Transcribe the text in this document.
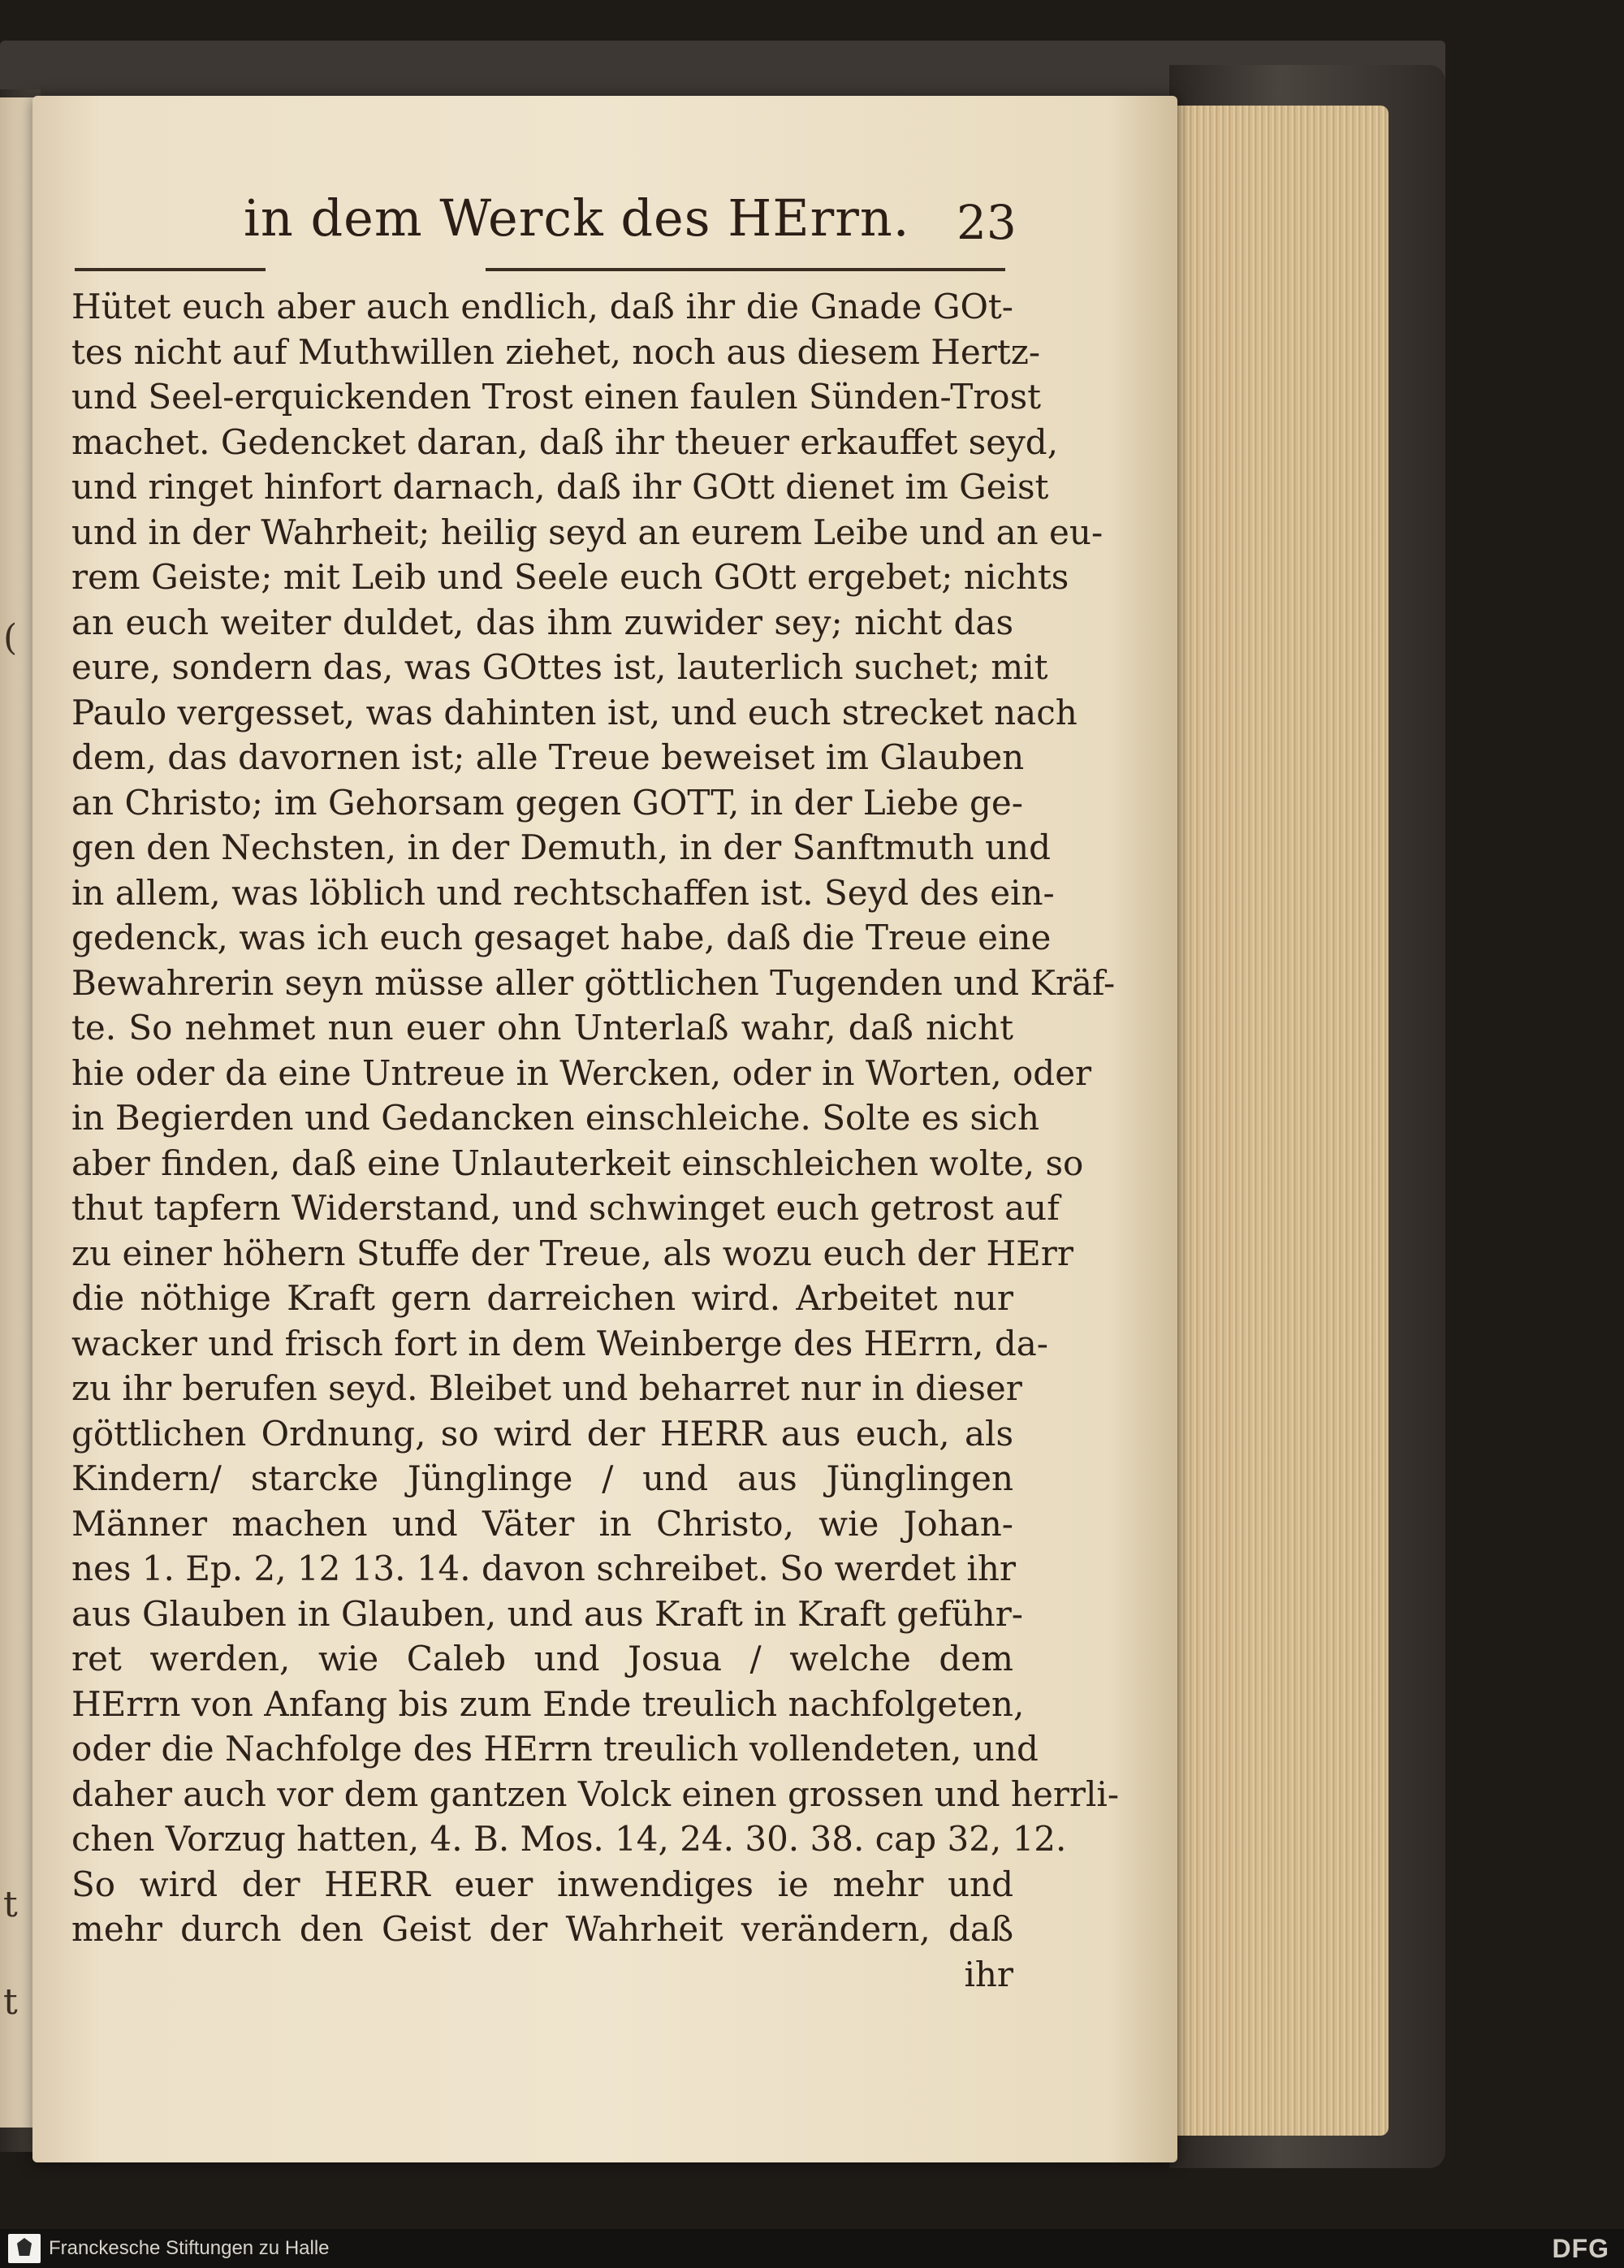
(
t
t
in dem Werck des HErrn. 23
Hütet euch aber auch endlich, daß ihr die Gnade GOt-
tes nicht auf Muthwillen ziehet, noch aus diesem Hertz-
und Seel-erquickenden Trost einen faulen Sünden-Trost
machet. Gedencket daran, daß ihr theuer erkauffet seyd,
und ringet hinfort darnach, daß ihr GOtt dienet im Geist
und in der Wahrheit; heilig seyd an eurem Leibe und an eu-
rem Geiste; mit Leib und Seele euch GOtt ergebet; nichts
an euch weiter duldet, das ihm zuwider sey; nicht das
eure, sondern das, was GOttes ist, lauterlich suchet; mit
Paulo vergesset, was dahinten ist, und euch strecket nach
dem, das davornen ist; alle Treue beweiset im Glauben
an Christo; im Gehorsam gegen GOTT, in der Liebe ge-
gen den Nechsten, in der Demuth, in der Sanftmuth und
in allem, was löblich und rechtschaffen ist. Seyd des ein-
gedenck, was ich euch gesaget habe, daß die Treue eine
Bewahrerin seyn müsse aller göttlichen Tugenden und Kräf-
te. So nehmet nun euer ohn Unterlaß wahr, daß nicht
hie oder da eine Untreue in Wercken, oder in Worten, oder
in Begierden und Gedancken einschleiche. Solte es sich
aber finden, daß eine Unlauterkeit einschleichen wolte, so
thut tapfern Widerstand, und schwinget euch getrost auf
zu einer höhern Stuffe der Treue, als wozu euch der HErr
die nöthige Kraft gern darreichen wird. Arbeitet nur
wacker und frisch fort in dem Weinberge des HErrn, da-
zu ihr berufen seyd. Bleibet und beharret nur in dieser
göttlichen Ordnung, so wird der HERR aus euch, als
Kindern/ starcke Jünglinge / und aus Jünglingen
Männer machen und Väter in Christo, wie Johan-
nes 1. Ep. 2, 12 13. 14. davon schreibet. So werdet ihr
aus Glauben in Glauben, und aus Kraft in Kraft geführ-
ret werden, wie Caleb und Josua / welche dem
HErrn von Anfang bis zum Ende treulich nachfolgeten,
oder die Nachfolge des HErrn treulich vollendeten, und
daher auch vor dem gantzen Volck einen grossen und herrli-
chen Vorzug hatten, 4. B. Mos. 14, 24. 30. 38. cap 32, 12.
So wird der HERR euer inwendiges ie mehr und
mehr durch den Geist der Wahrheit verändern, daß
ihr
Franckesche Stiftungen zu Halle	DFG
